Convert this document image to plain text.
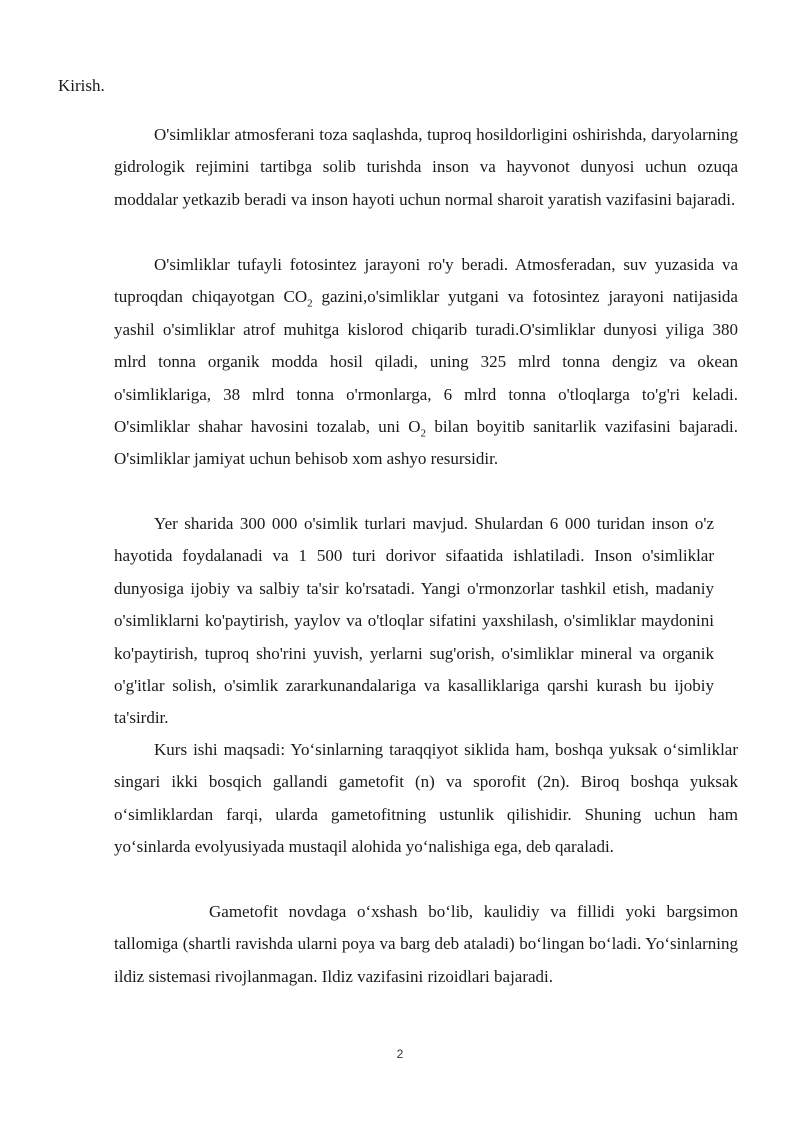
Kirish.

O'simliklar atmosferani toza saqlashda, tuproq hosildorligini oshirishda, daryolarning gidrologik rejimini tartibga solib turishda inson va hayvonot dunyosi uchun ozuqa moddalar yetkazib beradi va inson hayoti uchun normal sharoit yaratish vazifasini bajaradi.

O'simliklar tufayli fotosintez jarayoni ro'y beradi. Atmosferadan, suv yuzasida va tuproqdan chiqayotgan $CO_2$ gazini,o'simliklar yutgani va fotosintez jarayoni natijasida yashil o'simliklar atrof muhitga kislorod chiqarib turadi.O'simliklar dunyosi yiliga 380 mlrd tonna organik modda hosil qiladi, uning 325 mlrd tonna dengiz va okean o'simliklariga, 38 mlrd tonna o'rmonlarga, 6 mlrd tonna o'tloqlarga to'g'ri keladi. O'simliklar shahar havosini tozalab, uni $O_2$ bilan boyitib sanitarlik vazifasini bajaradi. O'simliklar jamiyat uchun behisob xom ashyo resursidir.

Yer sharida 300 000 o'simlik turlari mavjud. Shulardan 6 000 turidan inson o'z hayotida foydalanadi va 1 500 turi dorivor sifaatida ishlatiladi. Inson o'simliklar dunyosiga ijobiy va salbiy ta'sir ko'rsatadi. Yangi o'rmonzorlar tashkil etish, madaniy o'simliklarni ko'paytirish, yaylov va o'tloqlar sifatini yaxshilash, o'simliklar maydonini ko'paytirish, tuproq sho'rini yuvish, yerlarni sug'orish, o'simliklar mineral va organik o'g'itlar solish, o'simlik zararkunandalariga va kasalliklariga qarshi kurash bu ijobiy ta'sirdir.

Kurs ishi maqsadi: Yo‘sinlarning taraqqiyot siklida ham, boshqa yuksak o‘simliklar singari ikki bosqich gallandi gametofit (n) va sporofit (2n). Biroq boshqa yuksak o‘simliklardan farqi, ularda gametofitning ustunlik qilishidir. Shuning uchun ham yo‘sinlarda evolyusiyada mustaqil alohida yo‘nalishiga ega, deb qaraladi.

Gametofit novdaga o‘xshash bo‘lib, kaulidiy va fillidi yoki bargsimon tallomiga (shartli ravishda ularni poya va barg deb ataladi) bo‘lingan bo‘ladi. Yo‘sinlarning ildiz sistemasi rivojlanmagan. Ildiz vazifasini rizoidlari bajaradi.

2
